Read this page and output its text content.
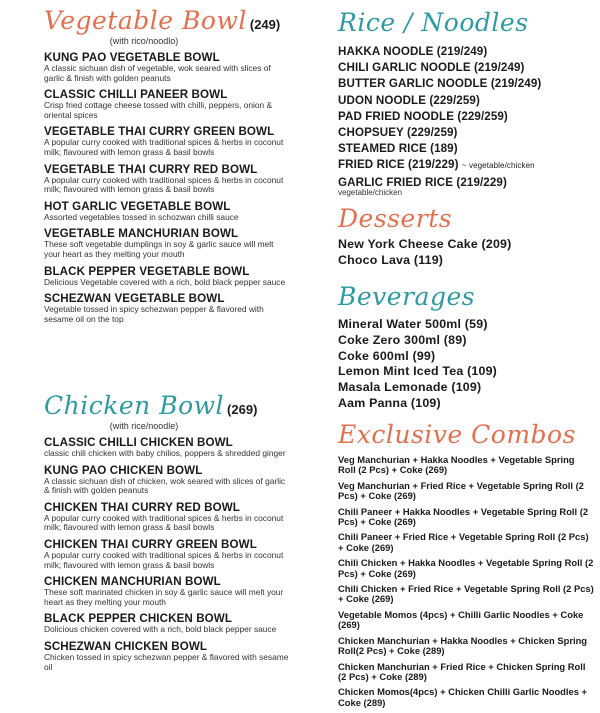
Vegetable Bowl (249)
(with rico/noodlo)
KUNG PAO VEGETABLE BOWL
A classic sichuan dish of vegetable, wok seared with slices of garlic & finish with golden peanuts
CLASSIC CHILLI PANEER BOWL
Crisp fried cottage cheese tossed with chilli, peppers, onion & oriental spices
VEGETABLE THAI CURRY GREEN BOWL
A popular curry cooked with traditional spices & herbs in coconut milk; flavoured with lemon grass & basil bowls
VEGETABLE THAI CURRY RED BOWL
A popular curry cooked with traditional spices & herbs in coconut milk; flavoured with lemon grass & basil bowls
HOT GARLIC VEGETABLE BOWL
Assorted vegetables tossed in schozwan chilli sauce
VEGETABLE MANCHURIAN BOWL
These soft vegetable dumplings in soy & garlic sauce will melt your heart as they melting your mouth
BLACK PEPPER VEGETABLE BOWL
Delicious Vegetable covered with a rich, bold black pepper sauce
SCHEZWAN VEGETABLE BOWL
Vegetable tossed in spicy schezwan pepper & flavored with sesame oil on the top
Chicken Bowl (269)
(with rice/noodle)
CLASSIC CHILLI CHICKEN BOWL
classic chili chicken with baby chilios, poppers & shredded ginger
KUNG PAO CHICKEN BOWL
A classic sichuan dish of chicken, wok seared with slices of garlic & finish with golden peanuts
CHICKEN THAI CURRY RED BOWL
A popular curry cooked with traditional spices & herbs in coconut milk; flavoured with lemon grass & basil bowls
CHICKEN THAI CURRY GREEN BOWL
A popular curry cooked with traditional spices & herbs in coconut milk; flavoured with lemon grass & basil bowls
CHICKEN MANCHURIAN BOWL
These soft marinated chicken in soy & garlic sauce will melt your heart as they melting your mouth
BLACK PEPPER CHICKEN BOWL
Dolicious chicken covered with a rich, bold black pepper sauce
SCHEZWAN CHICKEN BOWL
Chicken tossed in spicy schezwan pepper & flavored with sesame oil
Rice / Noodles
HAKKA NOODLE (219/249)
CHILI GARLIC NOODLE (219/249)
BUTTER GARLIC NOODLE (219/249)
UDON NOODLE (229/259)
PAD FRIED NOODLE (229/259)
CHOPSUEY (229/259)
STEAMED RICE (189)
FRIED RICE (219/229) ~ vegetable/chicken
GARLIC FRIED RICE (219/229)
vegetable/chicken
Desserts
New York Cheese Cake (209)
Choco Lava (119)
Beverages
Mineral Water 500ml (59)
Coke Zero 300ml (89)
Coke 600ml (99)
Lemon Mint Iced Tea (109)
Masala Lemonade (109)
Aam Panna (109)
Exclusive Combos
Veg Manchurian + Hakka Noodles + Vegetable Spring Roll (2 Pcs) + Coke (269)
Veg Manchurian + Fried Rice + Vegetable Spring Roll (2 Pcs) + Coke (269)
Chili Paneer + Hakka Noodles + Vegetable Spring Roll (2 Pcs) + Coke (269)
Chili Paneer + Fried Rice + Vegetable Spring Roll (2 Pcs) + Coke (269)
Chili Chicken + Hakka Noodles + Vegetable Spring Roll (2 Pcs) + Coke (269)
Chili Chicken + Fried Rice + Vegetable Spring Roll (2 Pcs) + Coke (269)
Vegetable Momos (4pcs) + Chilli Garlic Noodles + Coke (269)
Chicken Manchurian + Hakka Noodles + Chicken Spring Roll(2 Pcs) + Coke (289)
Chicken Manchurian + Fried Rice + Chicken Spring Roll (2 Pcs) + Coke (289)
Chicken Momos(4pcs) + Chicken Chilli Garlic Noodles + Coke (289)
